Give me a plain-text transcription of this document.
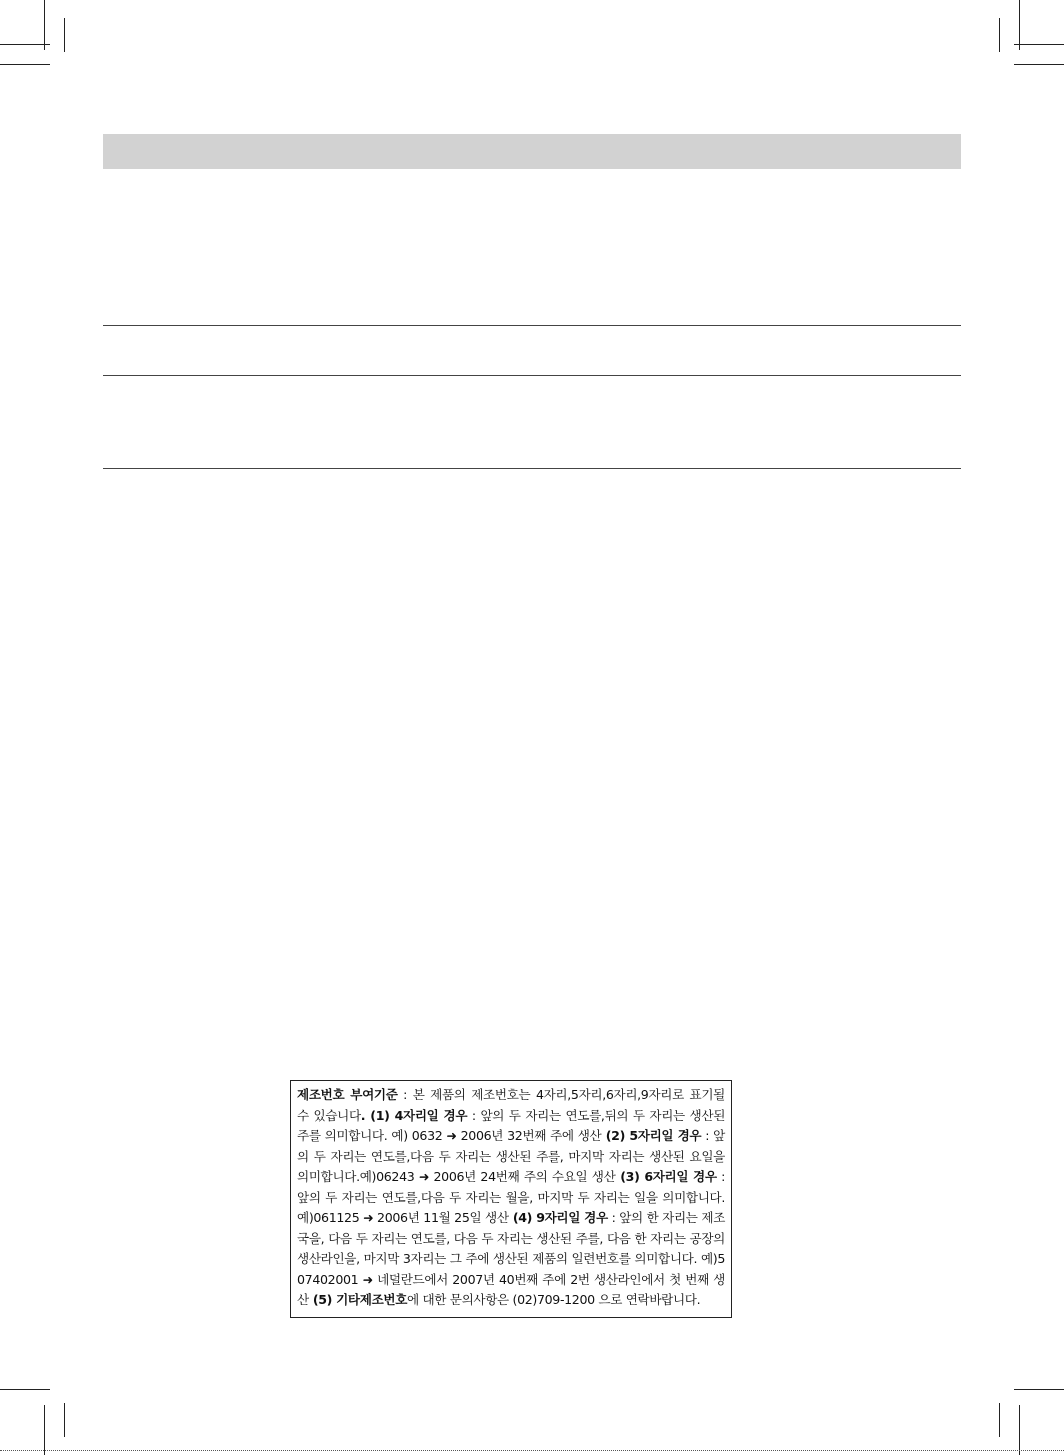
제조번호 부여기준 : 본 제품의 제조번호는 4자리,5자리,6자리,9자리로 표기될 수 있습니다. (1) 4자리일 경우 : 앞의 두 자리는 연도를,뒤의 두 자리는 생산된 주를 의미합니다. 예) 0632 ➜ 2006년 32번째 주에 생산 (2) 5자리일 경우 : 앞의 두 자리는 연도를,다음 두 자리는 생산된 주를, 마지막 자리는 생산된 요일을 의미합니다.예)06243 ➜ 2006년 24번째 주의 수요일 생산 (3) 6자리일 경우 : 앞의 두 자리는 연도를,다음 두 자리는 월을, 마지막 두 자리는 일을 의미합니다. 예)061125 ➜ 2006년 11월 25일 생산 (4) 9자리일 경우 : 앞의 한 자리는 제조국을, 다음 두 자리는 연도를, 다음 두 자리는 생산된 주를, 다음 한 자리는 공장의 생산라인을, 마지막 3자리는 그 주에 생산된 제품의 일련번호를 의미합니다. 예)507402001 ➜ 네덜란드에서 2007년 40번째 주에 2번 생산라인에서 첫 번째 생산 (5) 기타제조번호에 대한 문의사항은 (02)709-1200 으로 연락바랍니다.
